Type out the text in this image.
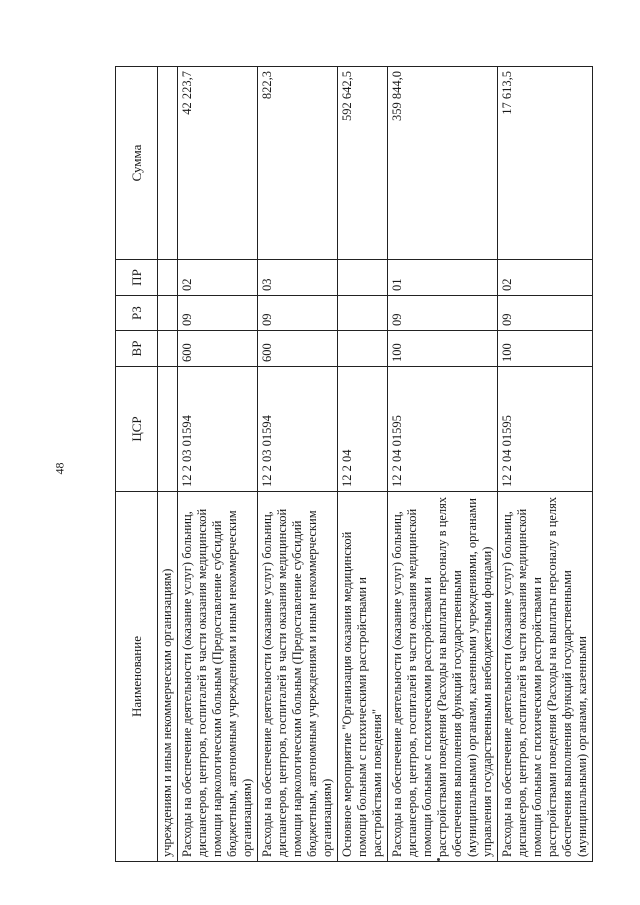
48
Наименование	ЦСР	ВР	РЗ	ПР	Сумма
учреждениям и иным некоммерческим организациям)					
Расходы на обеспечение деятельности (оказание услуг) больниц, диспансеров, центров, госпиталей в части оказания медицинской помощи наркологическим больным (Предоставление субсидий бюджетным, автономным учреждениям и иным некоммерческим организациям)	12 2 03 01594	600	09	02	42 223,7
Расходы на обеспечение деятельности (оказание услуг) больниц, диспансеров, центров, госпиталей в части оказания медицинской помощи наркологическим больным (Предоставление субсидий бюджетным, автономным учреждениям и иным некоммерческим организациям)	12 2 03 01594	600	09	03	822,3
Основное мероприятие "Организация оказания медицинской помощи больным с психическими расстройствами и расстройствами поведения"	12 2 04				592 642,5
Расходы на обеспечение деятельности (оказание услуг) больниц, диспансеров, центров, госпиталей в части оказания медицинской помощи больным с психическими расстройствами и расстройствами поведения (Расходы на выплаты персоналу в целях обеспечения выполнения функций государственными (муниципальными) органами, казенными учреждениями, органами управления государственными внебюджетными фондами)	12 2 04 01595	100	09	01	359 844,0
Расходы на обеспечение деятельности (оказание услуг) больниц, диспансеров, центров, госпиталей в части оказания медицинской помощи больным с психическими расстройствами и расстройствами поведения (Расходы на выплаты персоналу в целях обеспечения выполнения функций государственными (муниципальными) органами, казенными	12 2 04 01595	100	09	02	17 613,5
